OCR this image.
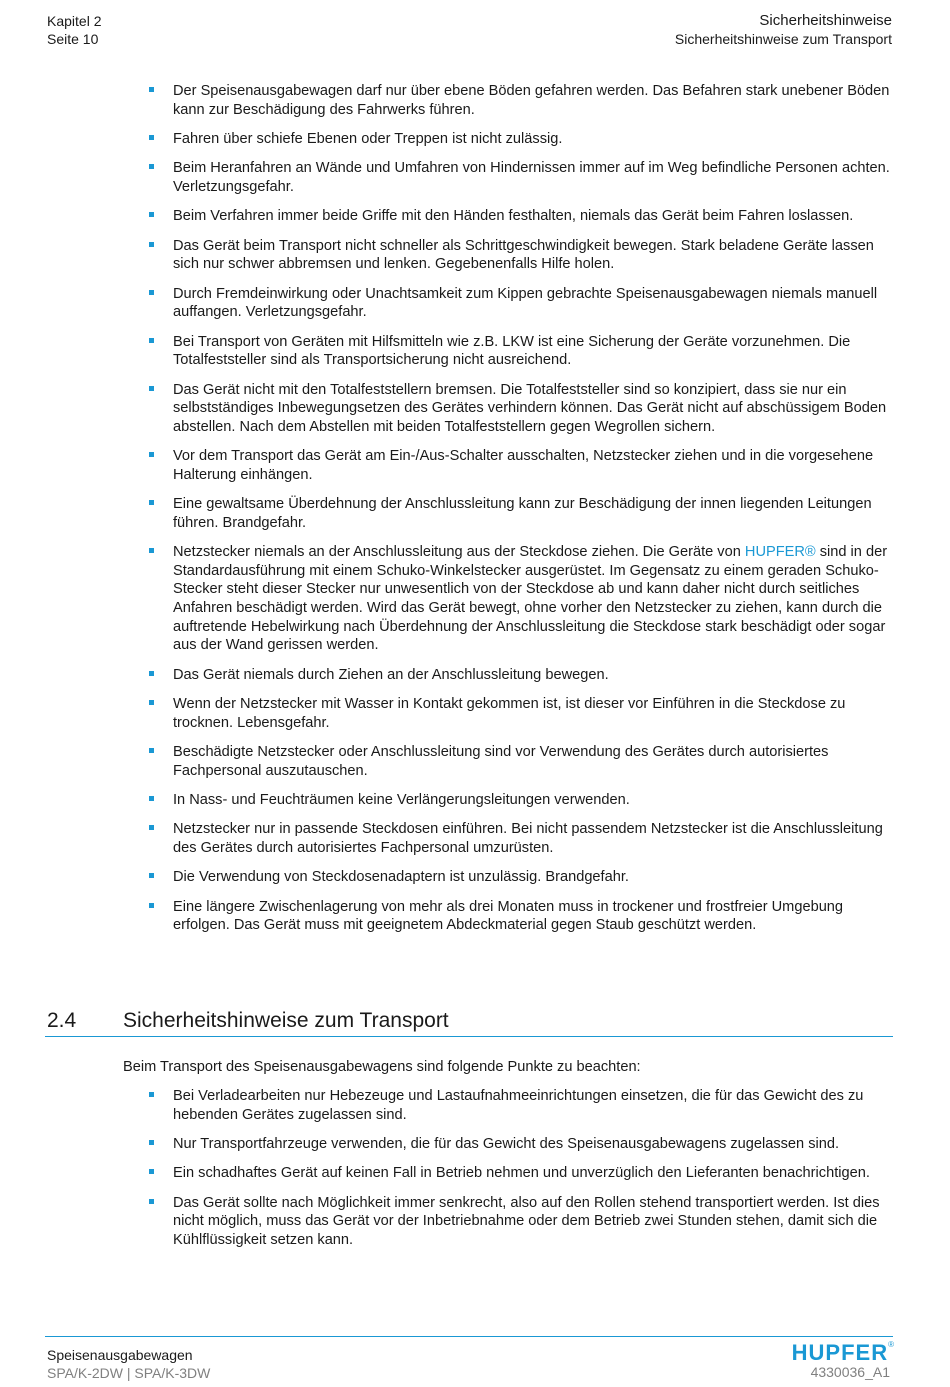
Kapitel 2
Seite 10
Sicherheitshinweise
Sicherheitshinweise zum Transport
Der Speisenausgabewagen darf nur über ebene Böden gefahren werden. Das Befahren stark unebener Böden kann zur Beschädigung des Fahrwerks führen.
Fahren über schiefe Ebenen oder Treppen ist nicht zulässig.
Beim Heranfahren an Wände und Umfahren von Hindernissen immer auf im Weg befindliche Personen achten. Verletzungsgefahr.
Beim Verfahren immer beide Griffe mit den Händen festhalten, niemals das Gerät beim Fahren loslassen.
Das Gerät beim Transport nicht schneller als Schrittgeschwindigkeit bewegen. Stark beladene Geräte lassen sich nur schwer abbremsen und lenken. Gegebenenfalls Hilfe holen.
Durch Fremdeinwirkung oder Unachtsamkeit zum Kippen gebrachte Speisenausgabewagen niemals manuell auffangen. Verletzungsgefahr.
Bei Transport von Geräten mit Hilfsmitteln wie z.B. LKW ist eine Sicherung der Geräte vorzunehmen. Die Totalfeststeller sind als Transportsicherung nicht ausreichend.
Das Gerät nicht mit den Totalfeststellern bremsen. Die Totalfeststeller sind so konzipiert, dass sie nur ein selbstständiges Inbewegungsetzen des Gerätes verhindern können. Das Gerät nicht auf abschüssigem Boden abstellen. Nach dem Abstellen mit beiden Totalfeststellern gegen Wegrollen sichern.
Vor dem Transport das Gerät am Ein-/Aus-Schalter ausschalten, Netzstecker ziehen und in die vorgesehene Halterung einhängen.
Eine gewaltsame Überdehnung der Anschlussleitung kann zur Beschädigung der innen liegenden Leitungen führen. Brandgefahr.
Netzstecker niemals an der Anschlussleitung aus der Steckdose ziehen. Die Geräte von HUPFER® sind in der Standardausführung mit einem Schuko-Winkelstecker ausgerüstet. Im Gegensatz zu einem geraden Schuko-Stecker steht dieser Stecker nur unwesentlich von der Steckdose ab und kann daher nicht durch seitliches Anfahren beschädigt werden. Wird das Gerät bewegt, ohne vorher den Netzstecker zu ziehen, kann durch die auftretende Hebelwirkung nach Überdehnung der Anschlussleitung die Steckdose stark beschädigt oder sogar aus der Wand gerissen werden.
Das Gerät niemals durch Ziehen an der Anschlussleitung bewegen.
Wenn der Netzstecker mit Wasser in Kontakt gekommen ist, ist dieser vor Einführen in die Steckdose zu trocknen. Lebensgefahr.
Beschädigte Netzstecker oder Anschlussleitung sind vor Verwendung des Gerätes durch autorisiertes Fachpersonal auszutauschen.
In Nass- und Feuchträumen keine Verlängerungsleitungen verwenden.
Netzstecker nur in passende Steckdosen einführen. Bei nicht passendem Netzstecker ist die Anschlussleitung des Gerätes durch autorisiertes Fachpersonal umzurüsten.
Die Verwendung von Steckdosenadaptern ist unzulässig. Brandgefahr.
Eine längere Zwischenlagerung von mehr als drei Monaten muss in trockener und frostfreier Umgebung erfolgen. Das Gerät muss mit geeignetem Abdeckmaterial gegen Staub geschützt werden.
2.4 Sicherheitshinweise zum Transport
Beim Transport des Speisenausgabewagens sind folgende Punkte zu beachten:
Bei Verladearbeiten nur Hebezeuge und Lastaufnahmeeinrichtungen einsetzen, die für das Gewicht des zu hebenden Gerätes zugelassen sind.
Nur Transportfahrzeuge verwenden, die für das Gewicht des Speisenausgabewagens zugelassen sind.
Ein schadhaftes Gerät auf keinen Fall in Betrieb nehmen und unverzüglich den Lieferanten benachrichtigen.
Das Gerät sollte nach Möglichkeit immer senkrecht, also auf den Rollen stehend transportiert werden. Ist dies nicht möglich, muss das Gerät vor der Inbetriebnahme oder dem Betrieb zwei Stunden stehen, damit sich die Kühlflüssigkeit setzen kann.
Speisenausgabewagen
SPA/K-2DW | SPA/K-3DW
HUPFER®
4330036_A1
